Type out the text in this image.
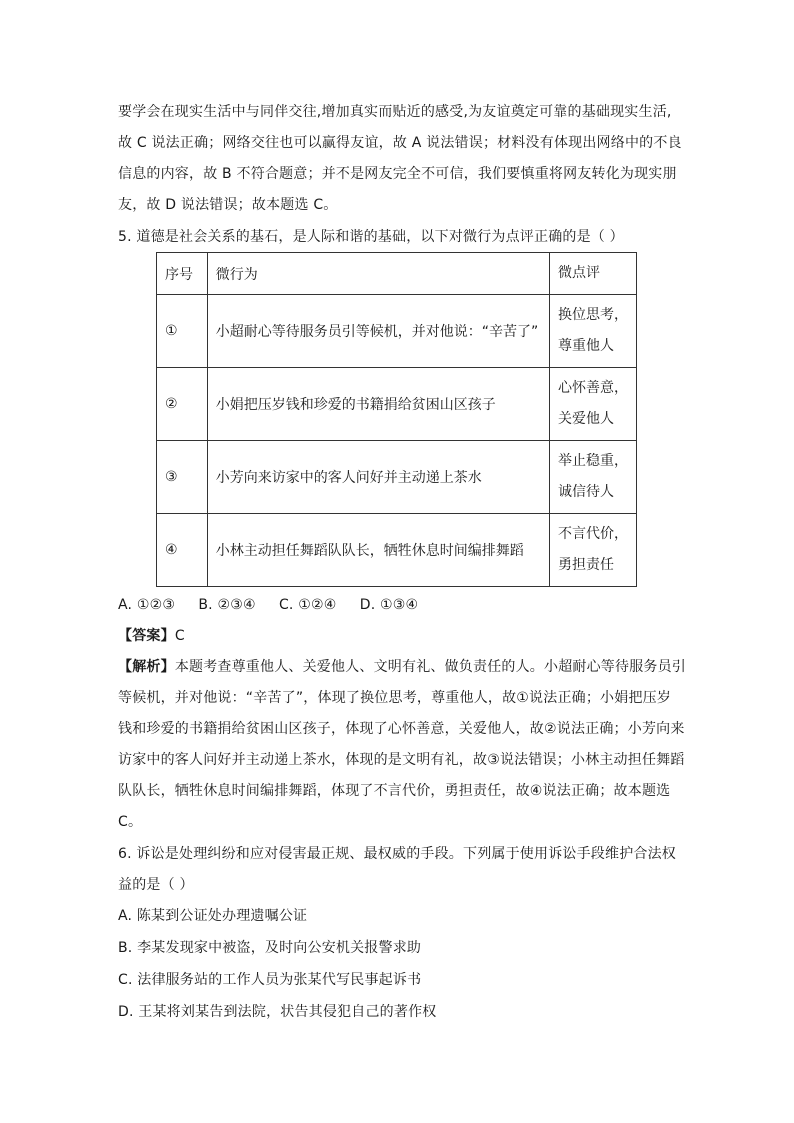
要学会在现实生活中与同伴交往,增加真实而贴近的感受,为友谊奠定可靠的基础现实生活,
故 C 说法正确；网络交往也可以赢得友谊，故 A 说法错误；材料没有体现出网络中的不良
信息的内容，故 B 不符合题意；并不是网友完全不可信，我们要慎重将网友转化为现实朋
友，故 D 说法错误；故本题选 C。
5. 道德是社会关系的基石，是人际和谐的基础，以下对微行为点评正确的是（ ）
序号	微行为	微点评
①	小超耐心等待服务员引等候机，并对他说：“辛苦了”	换位思考，
尊重他人

②	小娟把压岁钱和珍爱的书籍捐给贫困山区孩子	心怀善意，
关爱他人

③	小芳向来访家中的客人问好并主动递上茶水	举止稳重，
诚信待人

④	小林主动担任舞蹈队队长，牺牲休息时间编排舞蹈	不言代价，
勇担责任
A. ①②③     B. ②③④     C. ①②④     D. ①③④
【答案】C
【解析】本题考查尊重他人、关爱他人、文明有礼、做负责任的人。小超耐心等待服务员引
等候机，并对他说：“辛苦了”，体现了换位思考，尊重他人，故①说法正确；小娟把压岁
钱和珍爱的书籍捐给贫困山区孩子，体现了心怀善意，关爱他人，故②说法正确；小芳向来
访家中的客人问好并主动递上茶水，体现的是文明有礼，故③说法错误；小林主动担任舞蹈
队队长，牺牲休息时间编排舞蹈，体现了不言代价，勇担责任，故④说法正确；故本题选
C。
6. 诉讼是处理纠纷和应对侵害最正规、最权威的手段。下列属于使用诉讼手段维护合法权
益的是（ ）
A. 陈某到公证处办理遗嘱公证
B. 李某发现家中被盗，及时向公安机关报警求助
C. 法律服务站的工作人员为张某代写民事起诉书
D. 王某将刘某告到法院，状告其侵犯自己的著作权
